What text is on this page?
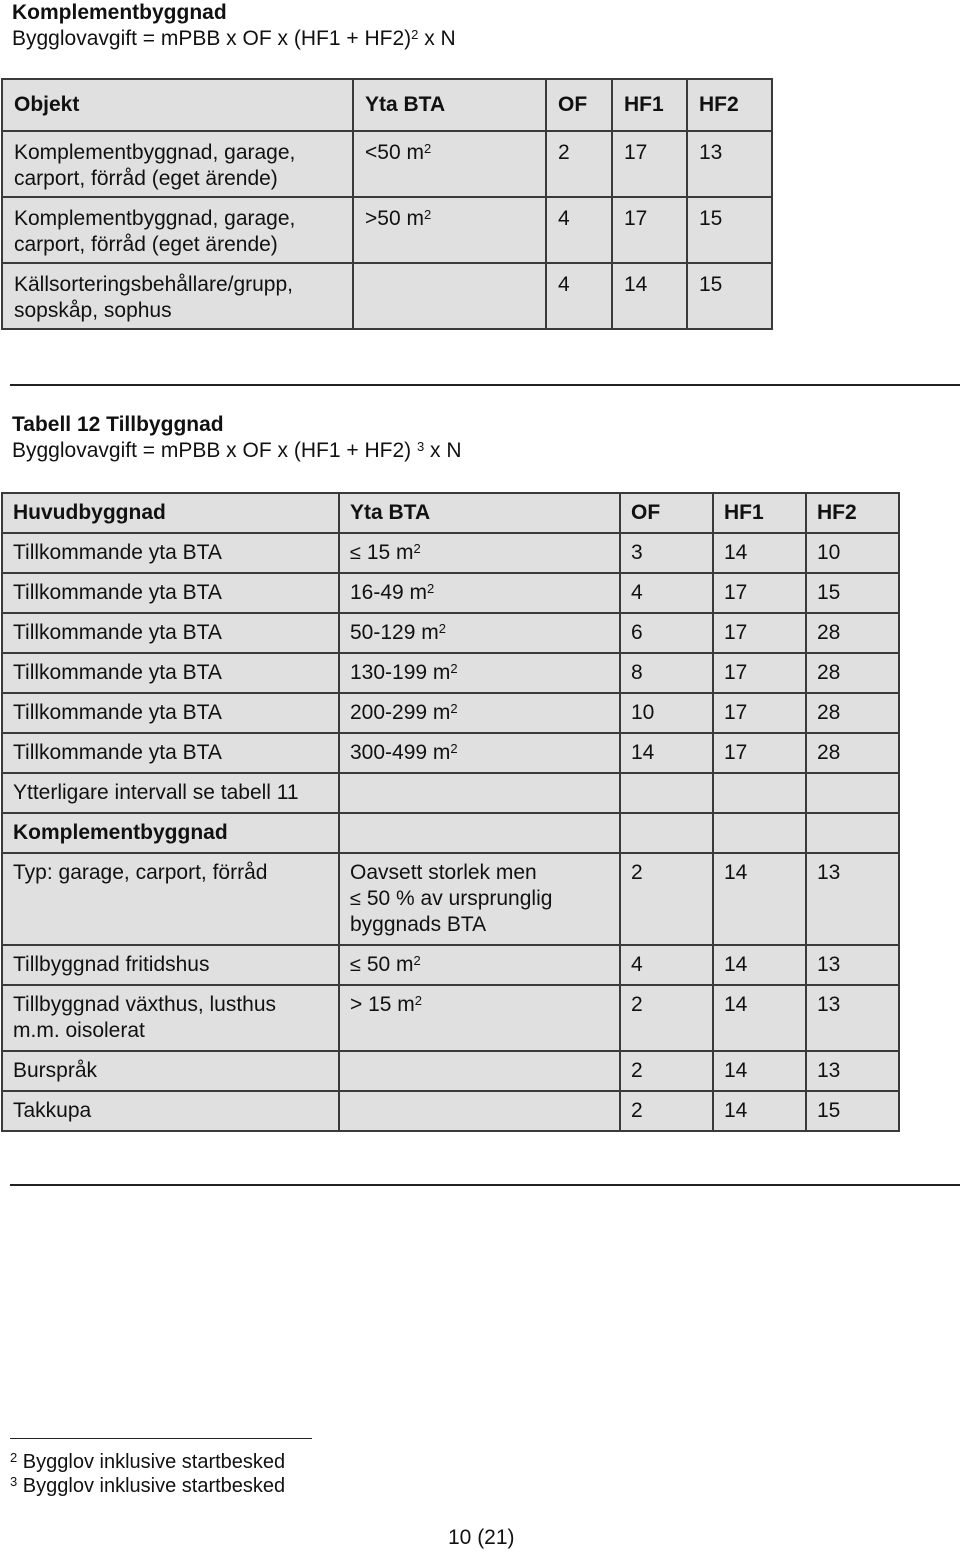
Komplementbyggnad
Bygglovavgift = mPBB x OF x $(HF1 + HF2)^2$ x N
Objekt	Yta BTA	OF	HF1	HF2

Komplementbyggnad, garage,
carport, förråd (eget ärende)	<50 $m^2$	2	17	13

Komplementbyggnad, garage,
carport, förråd (eget ärende)	>50 $m^2$	4	17	15

Källsorteringsbehållare/grupp,
sopskåp, sophus		4	14	15
Tabell 12 Tillbyggnad
Bygglovavgift = mPBB x OF x (HF1 + HF2) $^3$ x N
Huvudbyggnad	Yta BTA	OF	HF1	HF2
Tillkommande yta BTA	≤ 15 $m^2$	3	14	10
Tillkommande yta BTA	16-49 $m^2$	4	17	15
Tillkommande yta BTA	50-129 $m^2$	6	17	28
Tillkommande yta BTA	130-199 $m^2$	8	17	28
Tillkommande yta BTA	200-299 $m^2$	10	17	28
Tillkommande yta BTA	300-499 $m^2$	14	17	28
Ytterligare intervall se tabell 11				
Komplementbyggnad				
Typ: garage, carport, förråd	Oavsett storlek men
≤ 50 % av ursprunglig
byggnads BTA	2	14	13
Tillbyggnad fritidshus	≤ 50 $m^2$	4	14	13

Tillbyggnad växthus, lusthus
m.m. oisolerat	> 15 $m^2$	2	14	13
Burspråk		2	14	13
Takkupa		2	14	15
$^2$ Bygglov inklusive startbesked
$^3$ Bygglov inklusive startbesked
10 (21)
